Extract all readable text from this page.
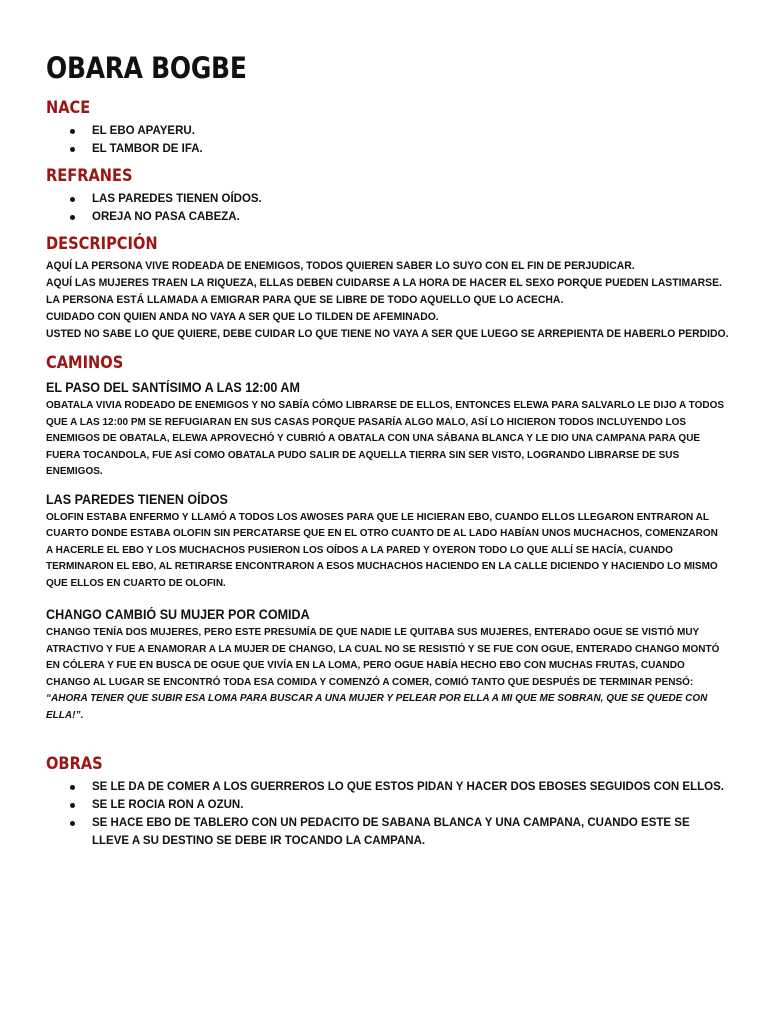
OBARA BOGBE
NACE
EL EBO APAYERU.
EL TAMBOR DE IFA.
REFRANES
LAS PAREDES TIENEN OÍDOS.
OREJA NO PASA CABEZA.
DESCRIPCIÓN
AQUÍ LA PERSONA VIVE RODEADA DE ENEMIGOS, TODOS QUIEREN SABER LO SUYO CON EL FIN DE PERJUDICAR.
AQUÍ LAS MUJERES TRAEN LA RIQUEZA, ELLAS DEBEN CUIDARSE A LA HORA DE HACER EL SEXO PORQUE PUEDEN LASTIMARSE.
LA PERSONA ESTÁ LLAMADA A EMIGRAR PARA QUE SE LIBRE DE TODO AQUELLO QUE LO ACECHA.
CUIDADO CON QUIEN ANDA NO VAYA A SER QUE LO TILDEN DE AFEMINADO.
USTED NO SABE LO QUE QUIERE, DEBE CUIDAR LO QUE TIENE NO VAYA A SER QUE LUEGO SE ARREPIENTA DE HABERLO PERDIDO.
CAMINOS
EL PASO DEL SANTÍSIMO A LAS 12:00 AM

OBATALA VIVIA RODEADO DE ENEMIGOS Y NO SABÍA CÓMO LIBRARSE DE ELLOS, ENTONCES ELEWA PARA SALVARLO LE DIJO A TODOS QUE A LAS 12:00 PM SE REFUGIARAN EN SUS CASAS PORQUE PASARÍA ALGO MALO, ASÍ LO HICIERON TODOS INCLUYENDO LOS ENEMIGOS DE OBATALA, ELEWA APROVECHÓ Y CUBRIÓ A OBATALA CON UNA SÁBANA BLANCA Y LE DIO UNA CAMPANA PARA QUE FUERA TOCANDOLA, FUE ASÍ COMO OBATALA PUDO SALIR DE AQUELLA TIERRA SIN SER VISTO, LOGRANDO LIBRARSE DE SUS ENEMIGOS.

LAS PAREDES TIENEN OÍDOS

OLOFIN ESTABA ENFERMO Y LLAMÓ A TODOS LOS AWOSES PARA QUE LE HICIERAN EBO, CUANDO ELLOS LLEGARON ENTRARON AL CUARTO DONDE ESTABA OLOFIN SIN PERCATARSE QUE EN EL OTRO CUANTO DE AL LADO HABÍAN UNOS MUCHACHOS, COMENZARON A HACERLE EL EBO Y LOS MUCHACHOS PUSIERON LOS OÍDOS A LA PARED Y OYERON TODO LO QUE ALLÍ SE HACÍA, CUANDO TERMINARON EL EBO, AL RETIRARSE ENCONTRARON A ESOS MUCHACHOS HACIENDO EN LA CALLE DICIENDO Y HACIENDO LO MISMO QUE ELLOS EN CUARTO DE OLOFIN.

CHANGO CAMBIÓ SU MUJER POR COMIDA

CHANGO TENÍA DOS MUJERES, PERO ESTE PRESUMÍA DE QUE NADIE LE QUITABA SUS MUJERES, ENTERADO OGUE SE VISTIÓ MUY ATRACTIVO Y FUE A ENAMORAR A LA MUJER DE CHANGO, LA CUAL NO SE RESISTIÓ Y SE FUE CON OGUE, ENTERADO CHANGO MONTÓ EN CÓLERA Y FUE EN BUSCA DE OGUE QUE VIVÍA EN LA LOMA, PERO OGUE HABÍA HECHO EBO CON MUCHAS FRUTAS, CUANDO CHANGO AL LUGAR SE ENCONTRÓ TODA ESA COMIDA Y COMENZÓ A COMER, COMIÓ TANTO QUE DESPUÉS DE TERMINAR PENSÓ: “AHORA TENER QUE SUBIR ESA LOMA PARA BUSCAR A UNA MUJER Y PELEAR POR ELLA A MI QUE ME SOBRAN, QUE SE QUEDE CON ELLA!”.

OBRAS
SE LE DA DE COMER A LOS GUERREROS LO QUE ESTOS PIDAN Y HACER DOS EBOSES SEGUIDOS CON ELLOS.
SE LE ROCIA RON A OZUN.
SE HACE EBO DE TABLERO CON UN PEDACITO DE SABANA BLANCA Y UNA CAMPANA, CUANDO ESTE SE LLEVE A SU DESTINO SE DEBE IR TOCANDO LA CAMPANA.
